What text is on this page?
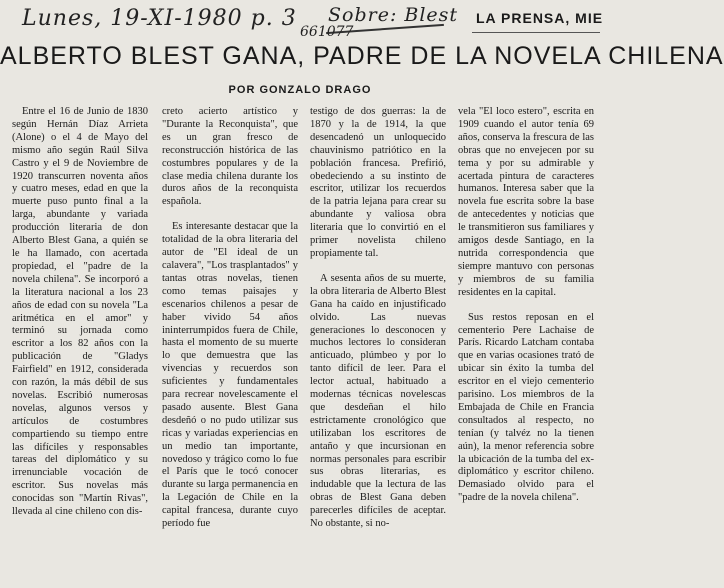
Lunes, 19-XI-1980 p. 3 Sobre: Blest
661077
LA PRENSA, MIE
ALBERTO BLEST GANA, PADRE DE LA NOVELA CHILENA
POR GONZALO DRAGO

Entre el 16 de Junio de 1830 según Hernán Díaz Arrieta (Alone) o el 4 de Mayo del mismo año según Raúl Silva Castro y el 9 de Noviembre de 1920 transcurren noventa años y cuatro meses, edad en que la muerte puso punto final a la larga, abundante y variada producción literaria de don Alberto Blest Gana, a quién se le ha llamado, con acertada propiedad, el "padre de la novela chilena". Se incorporó a la literatura nacional a los 23 años de edad con su novela "La aritmética en el amor" y terminó su jornada como escritor a los 82 años con la publicación de "Gladys Fairfield" en 1912, considerada con razón, la más débil de sus novelas. Escribió numerosas novelas, algunos versos y artículos de costumbres compartiendo su tiempo entre las difíciles y responsables tareas del diplomático y su irrenunciable vocación de escritor. Sus novelas más conocidas son "Martín Rivas", llevada al cine chileno con dis-

creto acierto artístico y "Durante la Reconquista", que es un gran fresco de reconstrucción histórica de las costumbres populares y de la clase media chilena durante los duros años de la reconquista española.

Es interesante destacar que la totalidad de la obra literaria del autor de "El ideal de un calavera", "Los trasplantados" y tantas otras novelas, tienen como temas paisajes y escenarios chilenos a pesar de haber vivido 54 años ininterrumpidos fuera de Chile, hasta el momento de su muerte lo que demuestra que las vivencias y recuerdos son suficientes y fundamentales para recrear novelescamente el pasado ausente. Blest Gana desdeñó o no pudo utilizar sus ricas y variadas experiencias en un medio tan importante, novedoso y trágico como lo fue el París que le tocó conocer durante su larga permanencia en la Legación de Chile en la capital francesa, durante cuyo período fue

testigo de dos guerras: la de 1870 y la de 1914, la que desencadenó un unloquecido chauvinismo patriótico en la población francesa. Prefirió, obedeciendo a su instinto de escritor, utilizar los recuerdos de la patria lejana para crear su abundante y valiosa obra literaria que lo convirtió en el primer novelista chileno propiamente tal.

A sesenta años de su muerte, la obra literaria de Alberto Blest Gana ha caído en injustificado olvido. Las nuevas generaciones lo desconocen y muchos lectores lo consideran anticuado, plúmbeo y por lo tanto difícil de leer. Para el lector actual, habituado a modernas técnicas novelescas que desdeñan el hilo estrictamente cronológico que utilizaban los escritores de antaño y que incursionan en normas personales para escribir sus obras literarias, es indudable que la lectura de las obras de Blest Gana deben parecerles difíciles de aceptar. No obstante, si no-

vela "El loco estero", escrita en 1909 cuando el autor tenía 69 años, conserva la frescura de las obras que no envejecen por su tema y por su admirable y acertada pintura de caracteres humanos. Interesa saber que la novela fue escrita sobre la base de antecedentes y noticias que le transmitieron sus familiares y amigos desde Santiago, en la nutrida correspondencia que siempre mantuvo con personas y miembros de su familia residentes en la capital.

Sus restos reposan en el cementerio Pere Lachaise de París. Ricardo Latcham contaba que en varias ocasiones trató de ubicar sin éxito la tumba del escritor en el viejo cementerio parisino. Los miembros de la Embajada de Chile en Francia consultados al respecto, no tenían (y talvéz no la tienen aún), la menor referencia sobre la ubicación de la tumba del ex-diplomático y escritor chileno. Demasiado olvido para el "padre de la novela chilena".
